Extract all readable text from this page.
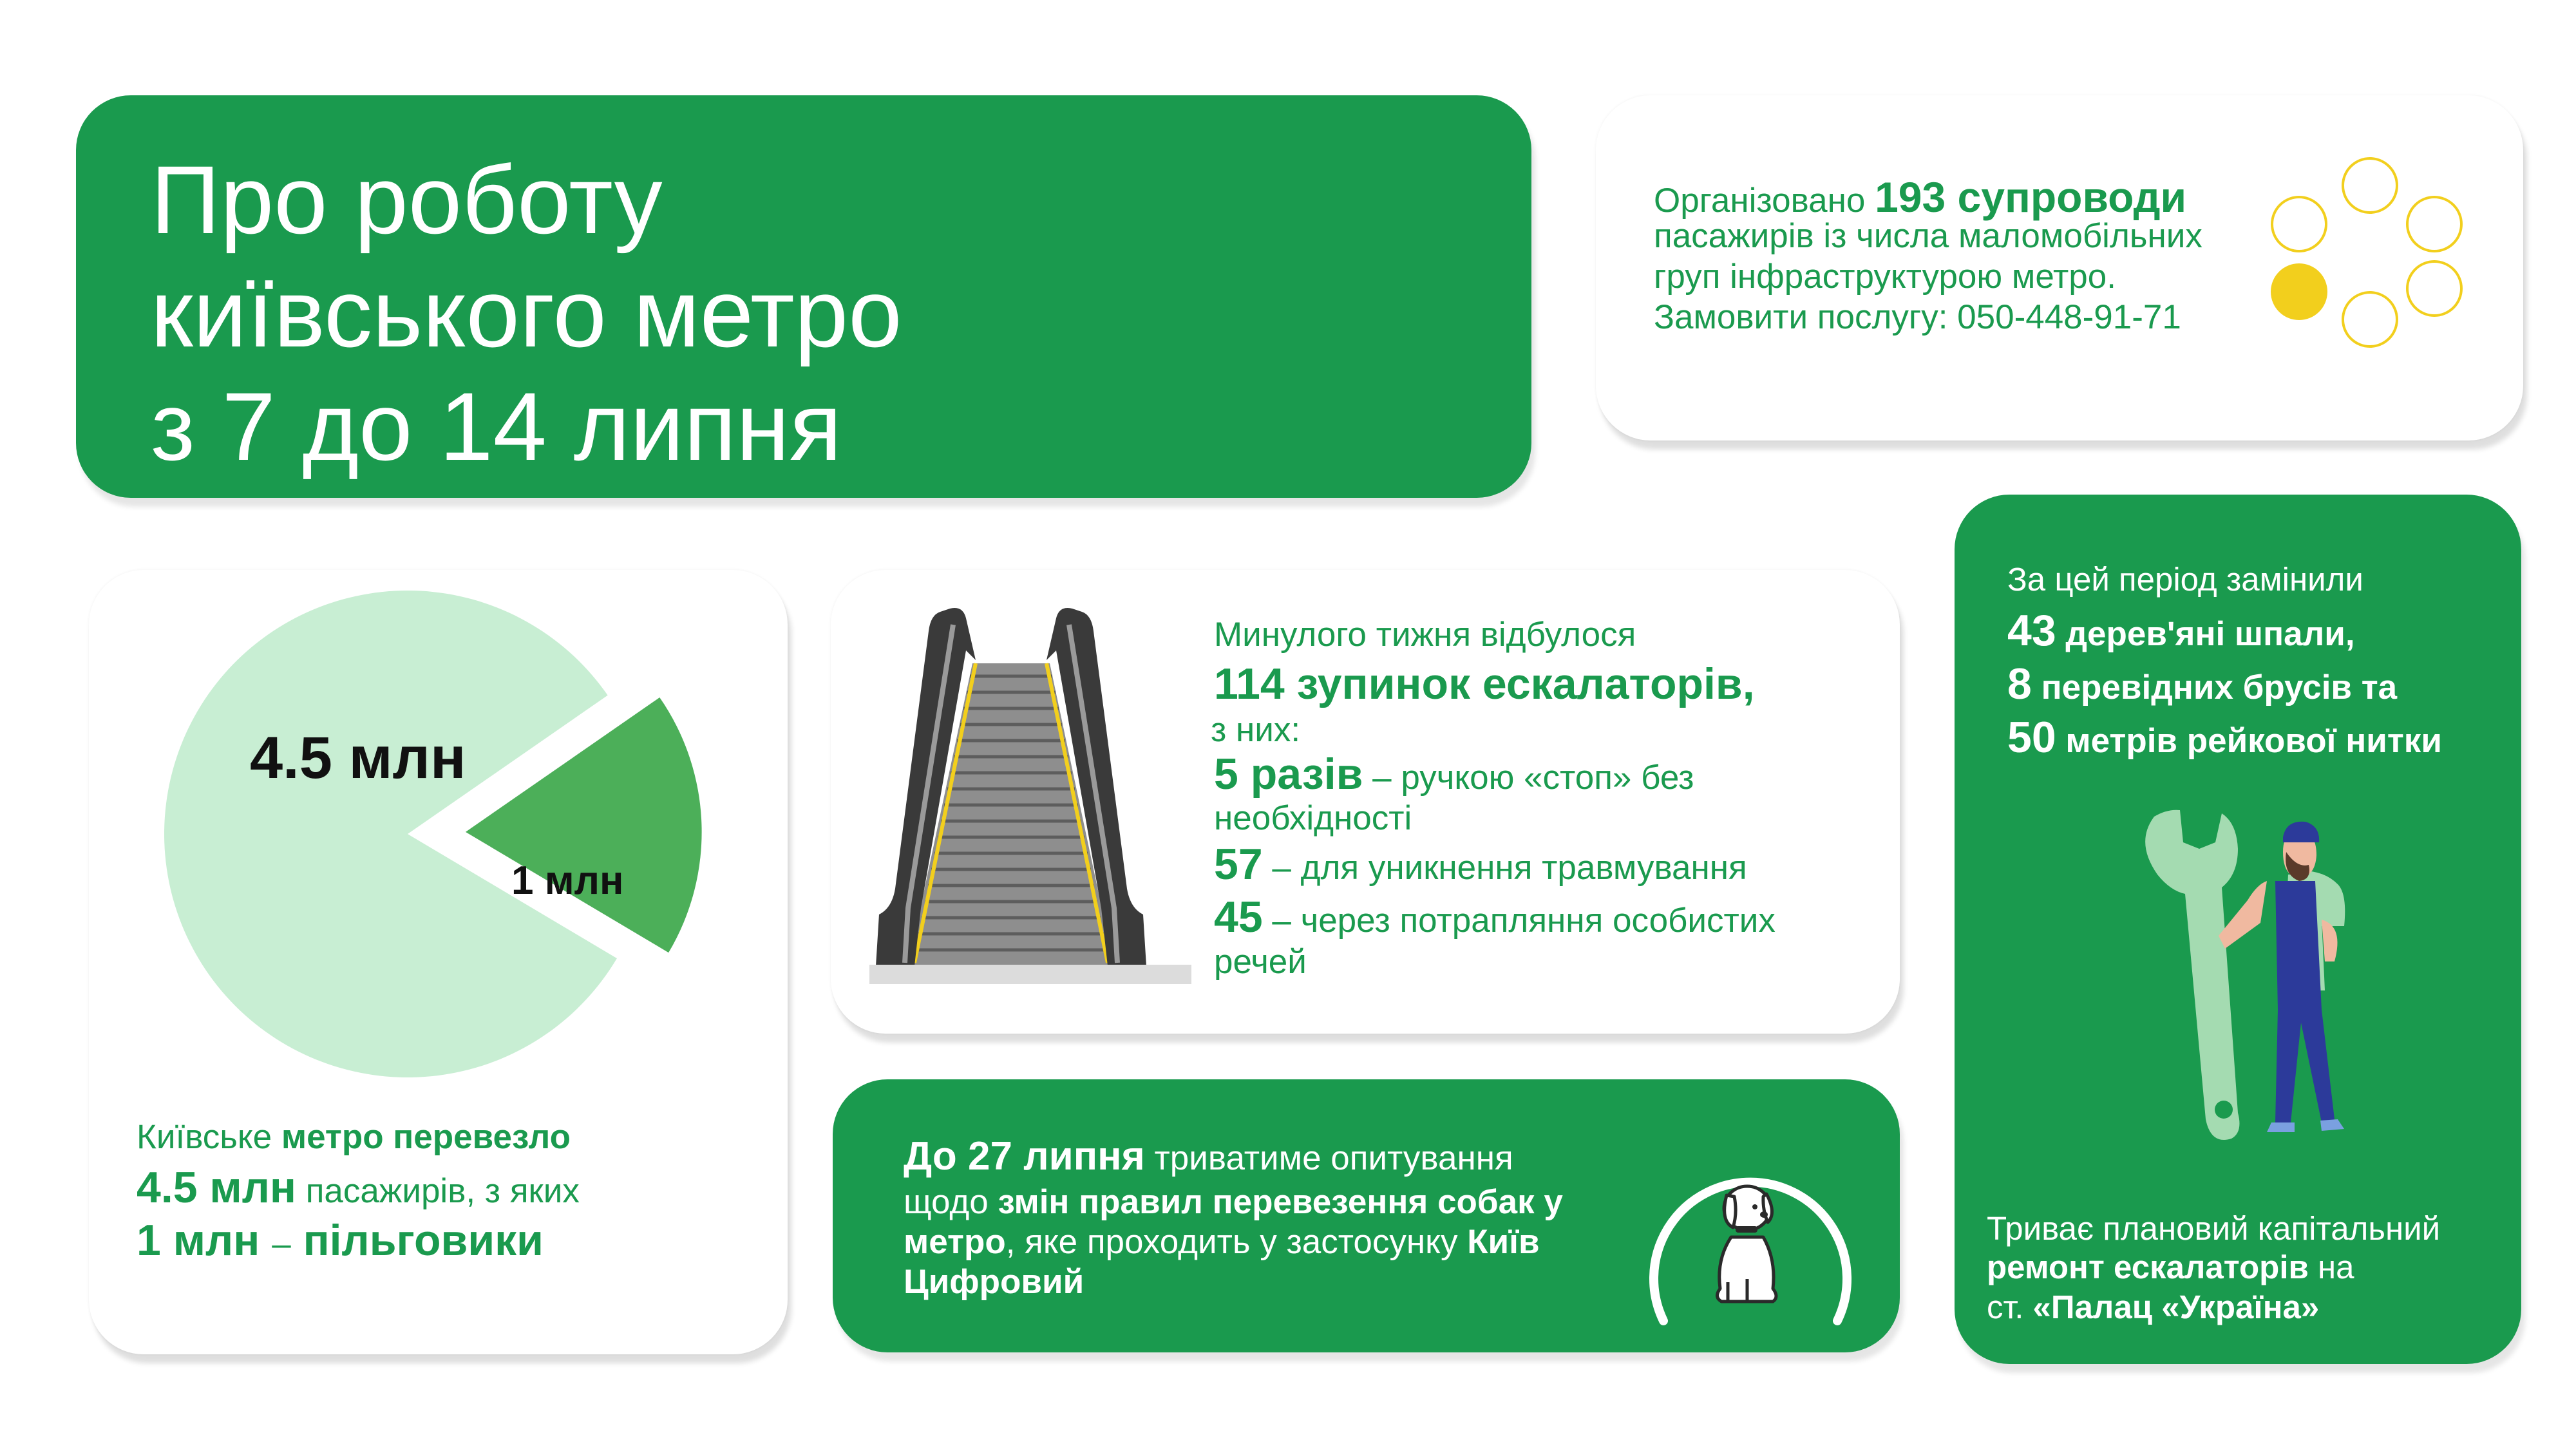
Про роботу
київського метро
з 7 до 14 липня
Організовано 193 супроводи
пасажирів із числа маломобільних
груп інфраструктурою метро.
Замовити послугу: 050-448-91-71
4.5 млн
1 млн
Київське метро перевезло
4.5 млн пасажирів, з яких
1 млн – пільговики
Минулого тижня відбулося
114 зупинок ескалаторів,
з них:
5 разів – ручкою «стоп» без
необхідності
57 – для уникнення травмування
45 – через потрапляння особистих
речей
До 27 липня триватиме опитування
щодо змін правил перевезення собак у
метро, яке проходить у застосунку Київ
Цифровий
За цей період замінили
43 дерев'яні шпали,
8 перевідних брусів та
50 метрів рейкової нитки
Триває плановий капітальний
ремонт ескалаторів на
ст. «Палац «Україна»
